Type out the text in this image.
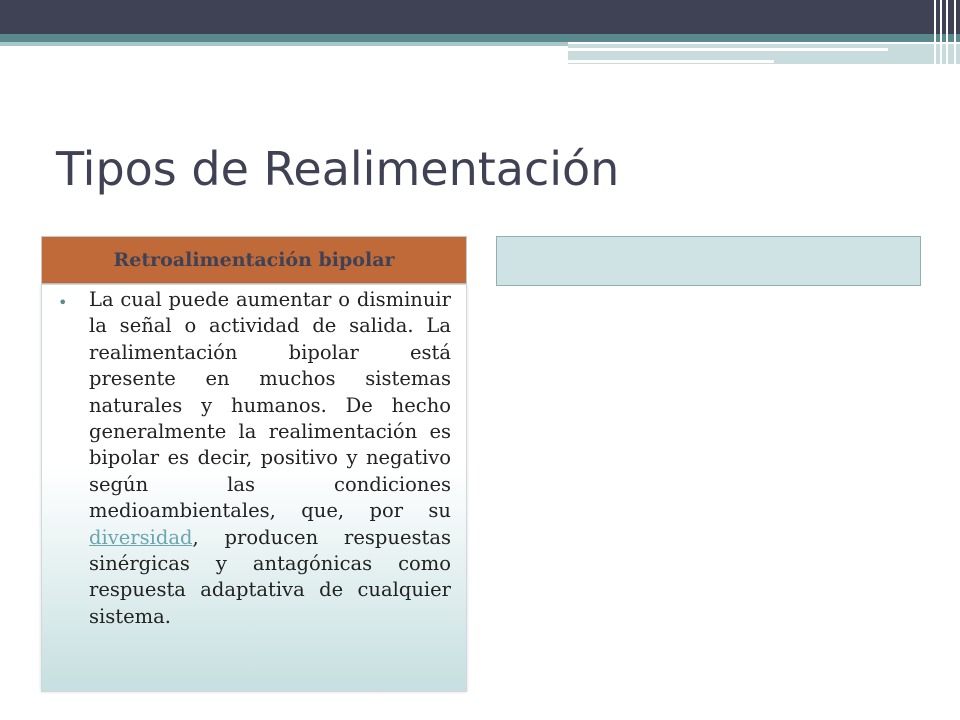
Tipos de Realimentación
Retroalimentación bipolar
• La cual puede aumentar o disminuir la señal o actividad de salida. La realimentación bipolar está presente en muchos sistemas naturales y humanos. De hecho generalmente la realimentación es bipolar es decir, positivo y negativo según las condiciones medioambientales, que, por su diversidad, producen respuestas sinérgicas y antagónicas como respuesta adaptativa de cualquier sistema.
